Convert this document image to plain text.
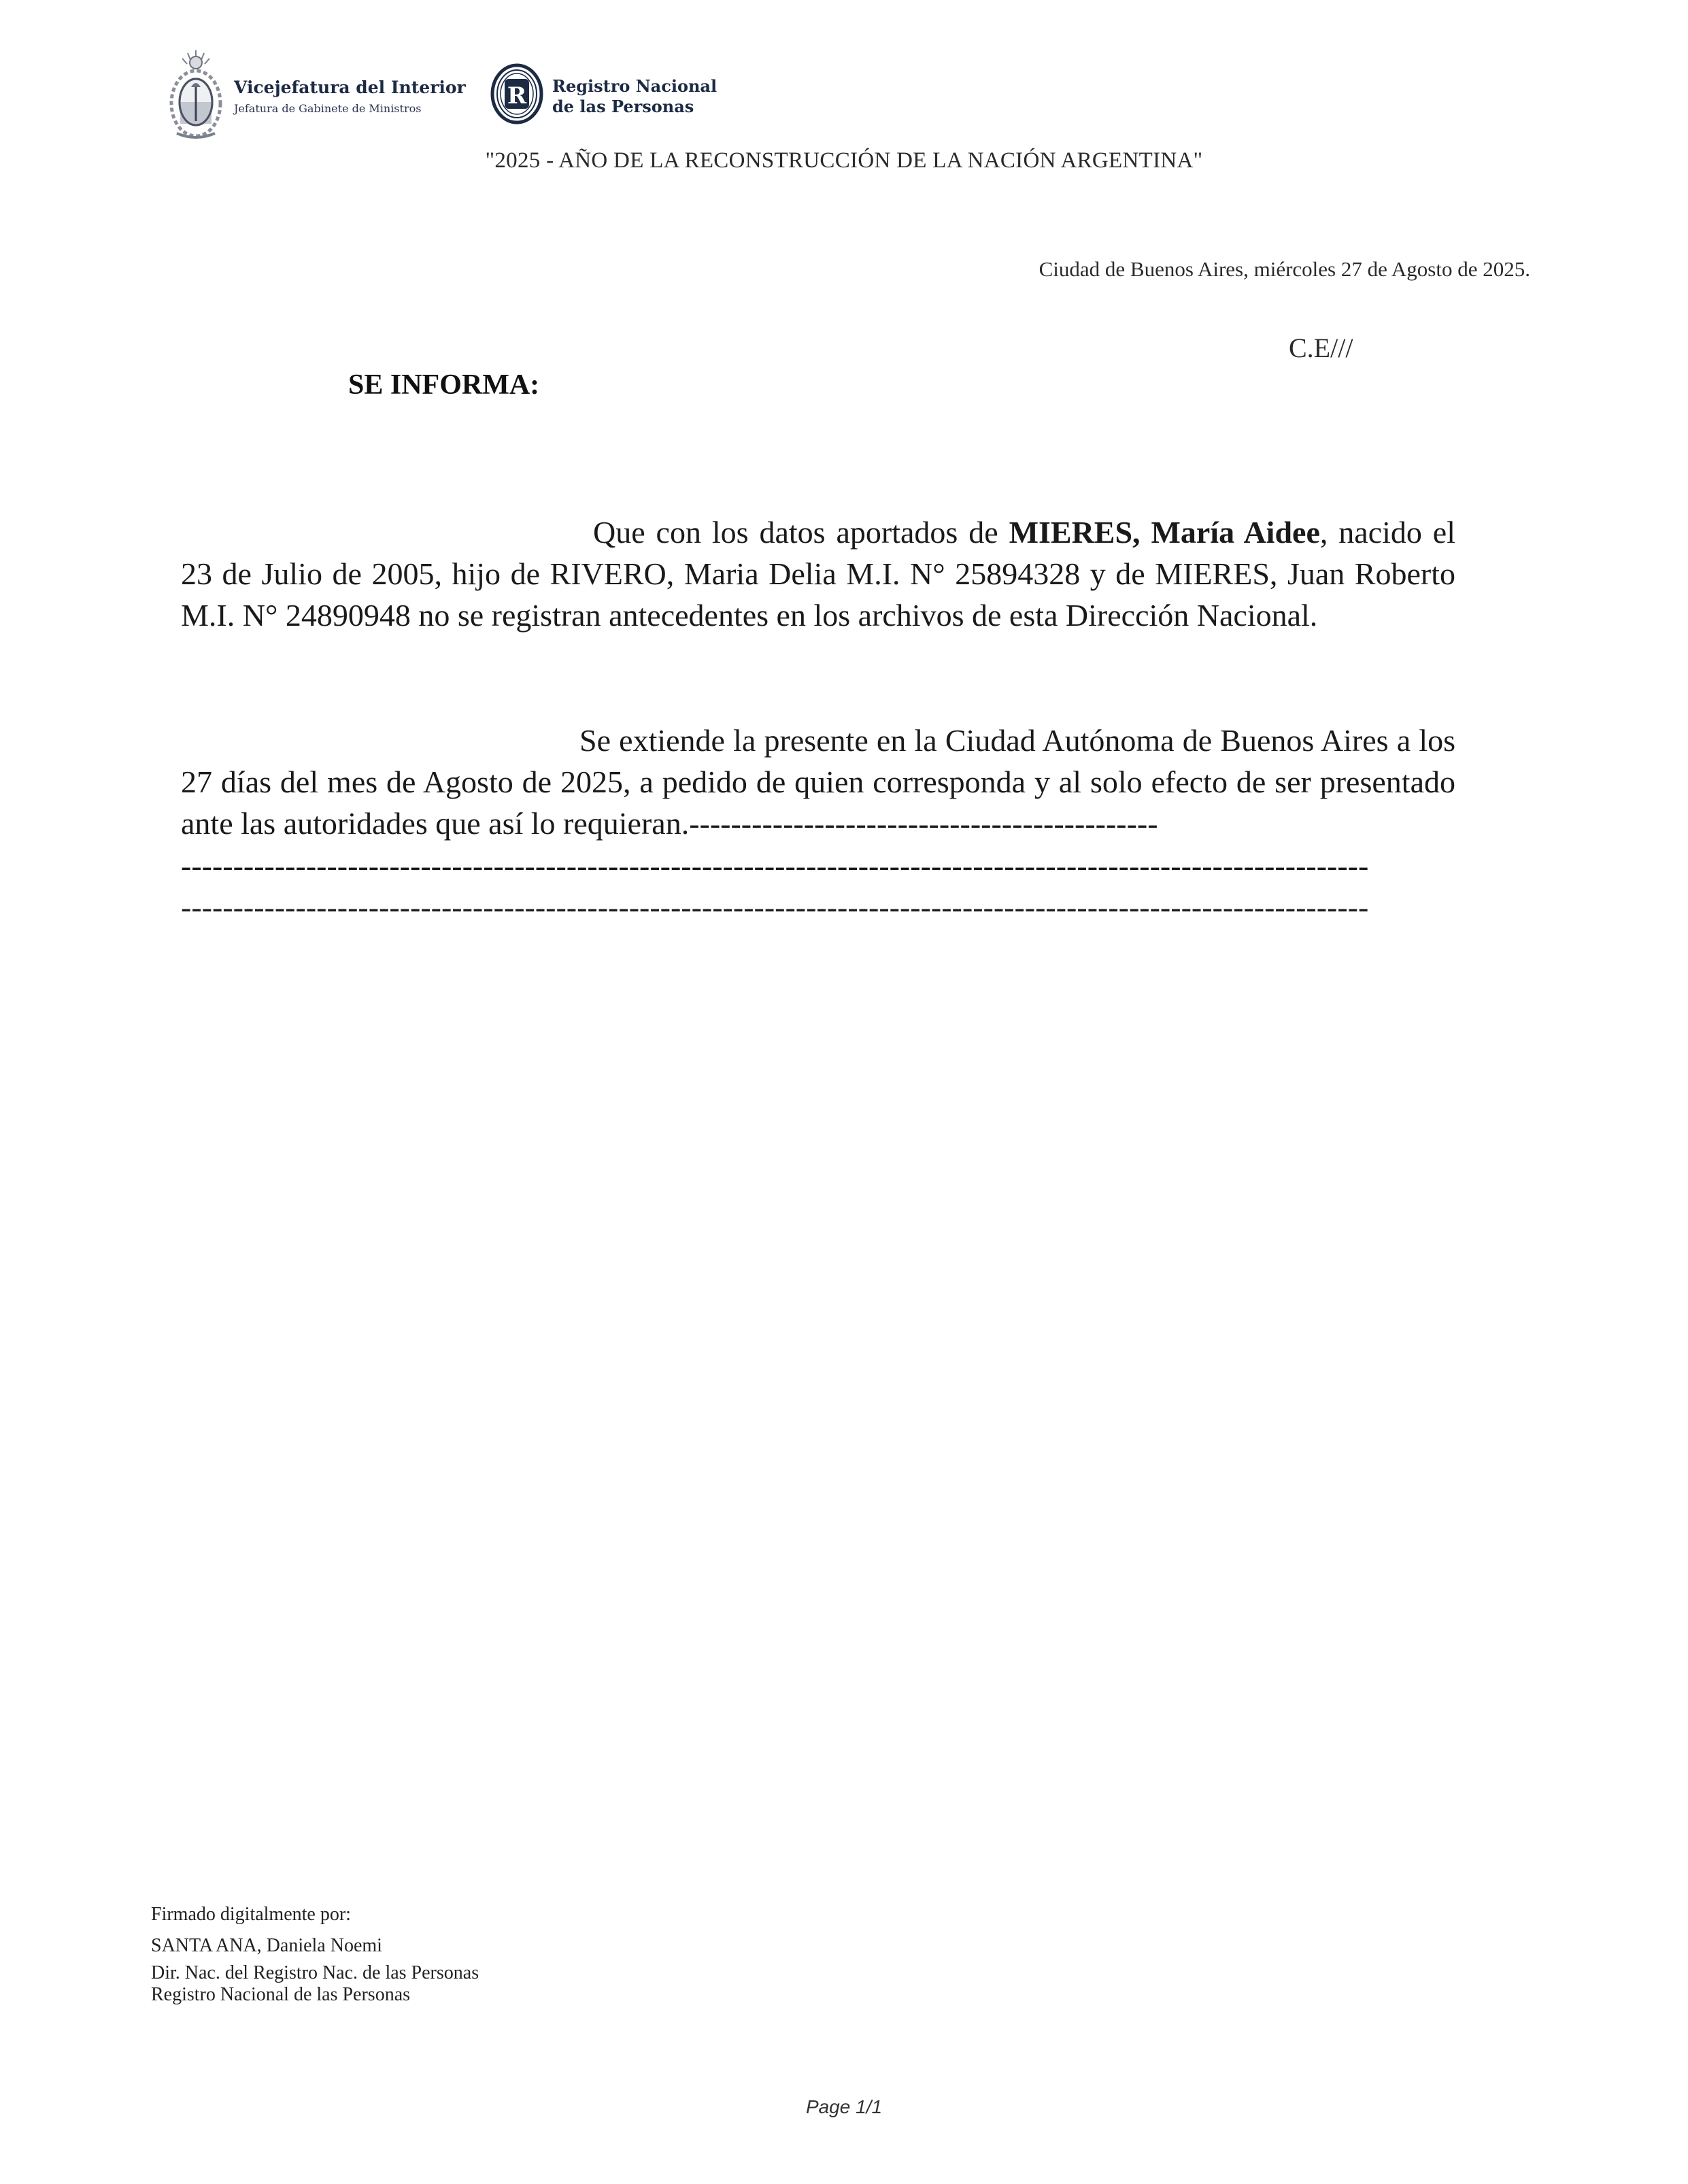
Vicejefatura del Interior
Jefatura de Gabinete de Ministros	R Registro Nacional
de las Personas
"2025 - AÑO DE LA RECONSTRUCCIÓN DE LA NACIÓN ARGENTINA"
Ciudad de Buenos Aires, miércoles 27 de Agosto de 2025.
C.E///
SE INFORMA:
Que con los datos aportados de MIERES, María Aidee, nacido el 23 de Julio de 2005, hijo de RIVERO, Maria Delia M.I. N° 25894328 y de MIERES, Juan Roberto M.I. N° 24890948 no se registran antecedentes en los archivos de esta Dirección Nacional.
Se extiende la presente en la Ciudad Autónoma de Buenos Aires a los 27 días del mes de Agosto de 2025, a pedido de quien corresponda y al solo efecto de ser presentado ante las autoridades que así lo requieran.---------------------------------------------
------------------------------------------------------------------------------------------------------------------
------------------------------------------------------------------------------------------------------------------
Firmado digitalmente por:
SANTA ANA, Daniela Noemi
Dir. Nac. del Registro Nac. de las Personas
Registro Nacional de las Personas
Page 1/1
